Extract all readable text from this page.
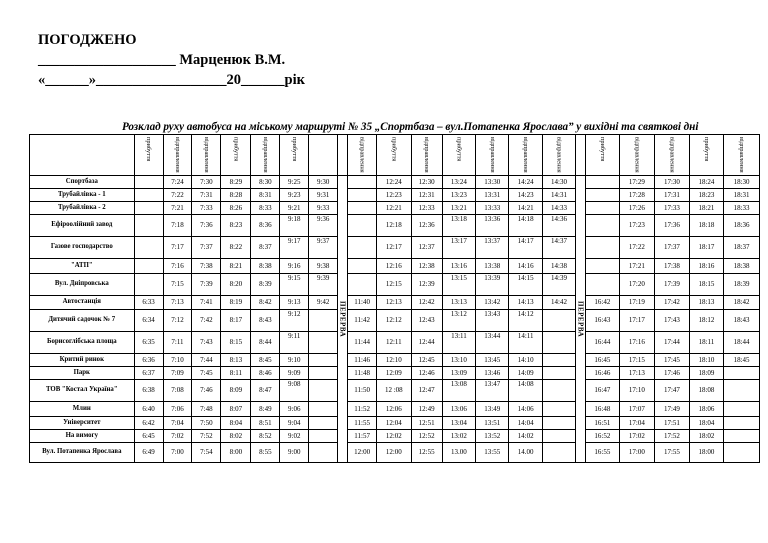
ПОГОДЖЕНО
___________________ Марценюк В.М.
«______»__________________20______рік
Розклад руху автобуса на міському маршруті № 35 „Спортбаза – вул.Потапенка Ярослава” у вихідні та святкові дні
	прибуття	відправлення	відправлення	прибуття	відправлення	прибуття			відправлення	прибуття	відправлення	прибуття	відправлення	відправлення	відправлення		прибуття	відправлення	відправлення	прибуття	відправлення
Спортбаза		7:24	7:30	8:29	8:30	9:25	9:30	ПЕРЕРВА		12:24	12:30	13:24	13:30	14:24	14:30	ПЕРЕРВА		17:29	17:30	18:24	18:30
Трубайлівка - 1		7:22	7:31	8:28	8:31	9:23	9:31			12:23	12:31	13:23	13:31	14:23	14:31			17:28	17:31	18:23	18:31
Трубайлівка - 2		7:21	7:33	8:26	8:33	9:21	9:33			12:21	12:33	13:21	13:33	14:21	14:33			17:26	17:33	18:21	18:33
Ефіроолійний завод		7:18	7:36	8:23	8:36	9:18	9:36			12:18	12:36	13:18	13:36	14:18	14:36			17:23	17:36	18:18	18:36
Газове господарство		7:17	7:37	8:22	8:37	9:17	9:37			12:17	12:37	13:17	13:37	14:17	14:37			17:22	17:37	18:17	18:37
"АТП"		7:16	7:38	8:21	8:38	9:16	9:38			12:16	12:38	13:16	13:38	14:16	14:38			17:21	17:38	18:16	18:38
Вул. Дніпровська		7:15	7:39	8:20	8:39	9:15	9:39			12:15	12:39	13:15	13:39	14:15	14:39			17:20	17:39	18:15	18:39
Автостанція	6:33	7:13	7:41	8:19	8:42	9:13	9:42		11:40	12:13	12:42	13:13	13:42	14:13	14:42		16:42	17:19	17:42	18:13	18:42
Дитячий садочок № 7	6:34	7:12	7:42	8:17	8:43	9:12			11:42	12:12	12:43	13:12	13:43	14:12			16:43	17:17	17:43	18:12	18:43
Борисоглібська площа	6:35	7:11	7:43	8:15	8:44	9:11			11:44	12:11	12:44	13:11	13:44	14:11			16:44	17:16	17:44	18:11	18:44
Критий ринок	6:36	7:10	7:44	8:13	8:45	9:10			11:46	12:10	12:45	13:10	13:45	14:10			16:45	17:15	17:45	18:10	18:45
Парк	6:37	7:09	7:45	8:11	8:46	9:09			11:48	12:09	12:46	13:09	13:46	14:09			16:46	17:13	17:46	18:09	
ТОВ "Костал Україна"	6:38	7:08	7:46	8:09	8:47	9:08			11:50	12 :08	12:47	13:08	13:47	14:08			16:47	17:10	17:47	18:08	
Млин	6:40	7:06	7:48	8:07	8:49	9:06			11:52	12:06	12:49	13:06	13:49	14:06			16:48	17:07	17:49	18:06	
Університет	6:42	7:04	7:50	8:04	8:51	9:04			11:55	12:04	12:51	13:04	13:51	14:04			16:51	17:04	17:51	18:04	
На вимогу	6:45	7:02	7:52	8:02	8:52	9:02			11:57	12:02	12:52	13:02	13:52	14:02			16:52	17:02	17:52	18:02	
Вул. Потапенка Ярослава	6:49	7:00	7:54	8:00	8:55	9:00			12:00	12:00	12:55	13.00	13:55	14.00			16:55	17:00	17:55	18:00	
